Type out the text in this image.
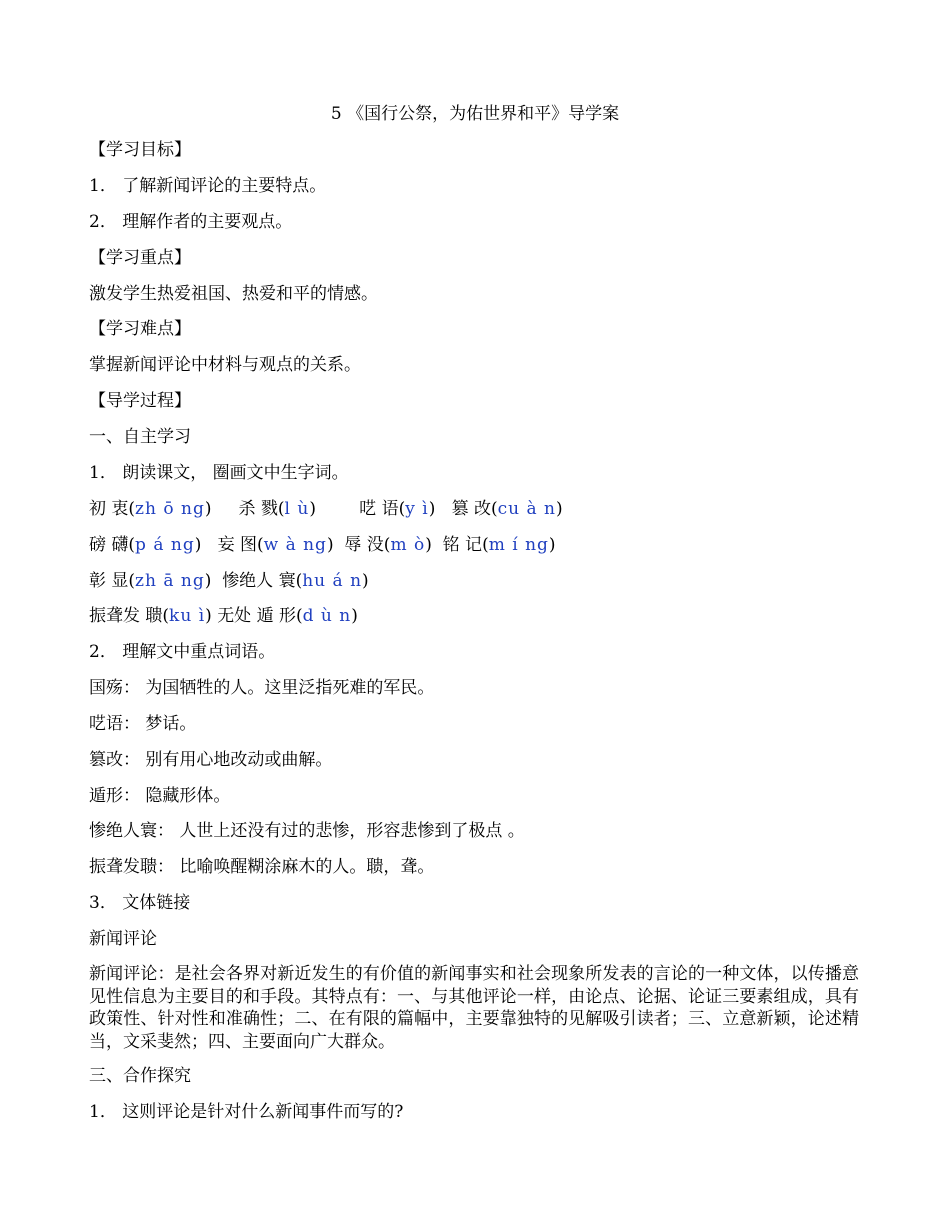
5 《国行公祭，为佑世界和平》导学案
【学习目标】
1． 了解新闻评论的主要特点。
2． 理解作者的主要观点。
【学习重点】
激发学生热爱祖国、热爱和平的情感。
【学习难点】
掌握新闻评论中材料与观点的关系。
【导学过程】
一、自主学习
1． 朗读课文， 圈画文中生字词。
初 衷(zh ō ng) 杀 戮(l ù)	呓 语(y ì) 篡 改(cu à n)
磅 礴(p á ng) 妄 图(w à ng) 辱 没(m ò) 铭 记(m í ng)
彰 显(zh ā ng) 惨绝人 寰(hu á n)
振聋发 聩(ku ì) 无处 遁 形(d ù n)
2． 理解文中重点词语。
国殇： 为国牺牲的人。这里泛指死难的军民。
呓语： 梦话。
篡改： 别有用心地改动或曲解。
遁形： 隐藏形体。
惨绝人寰： 人世上还没有过的悲惨，形容悲惨到了极点 。
振聋发聩： 比喻唤醒糊涂麻木的人。聩，聋。
3． 文体链接
新闻评论
新闻评论：是社会各界对新近发生的有价值的新闻事实和社会现象所发表的言论的一种文体，以传播意见性信息为主要目的和手段。其特点有：一、与其他评论一样，由论点、论据、论证三要素组成，具有政策性、针对性和准确性；二、在有限的篇幅中，主要靠独特的见解吸引读者；三、立意新颖，论述精当，文采斐然；四、主要面向广大群众。
三、合作探究
1． 这则评论是针对什么新闻事件而写的?
